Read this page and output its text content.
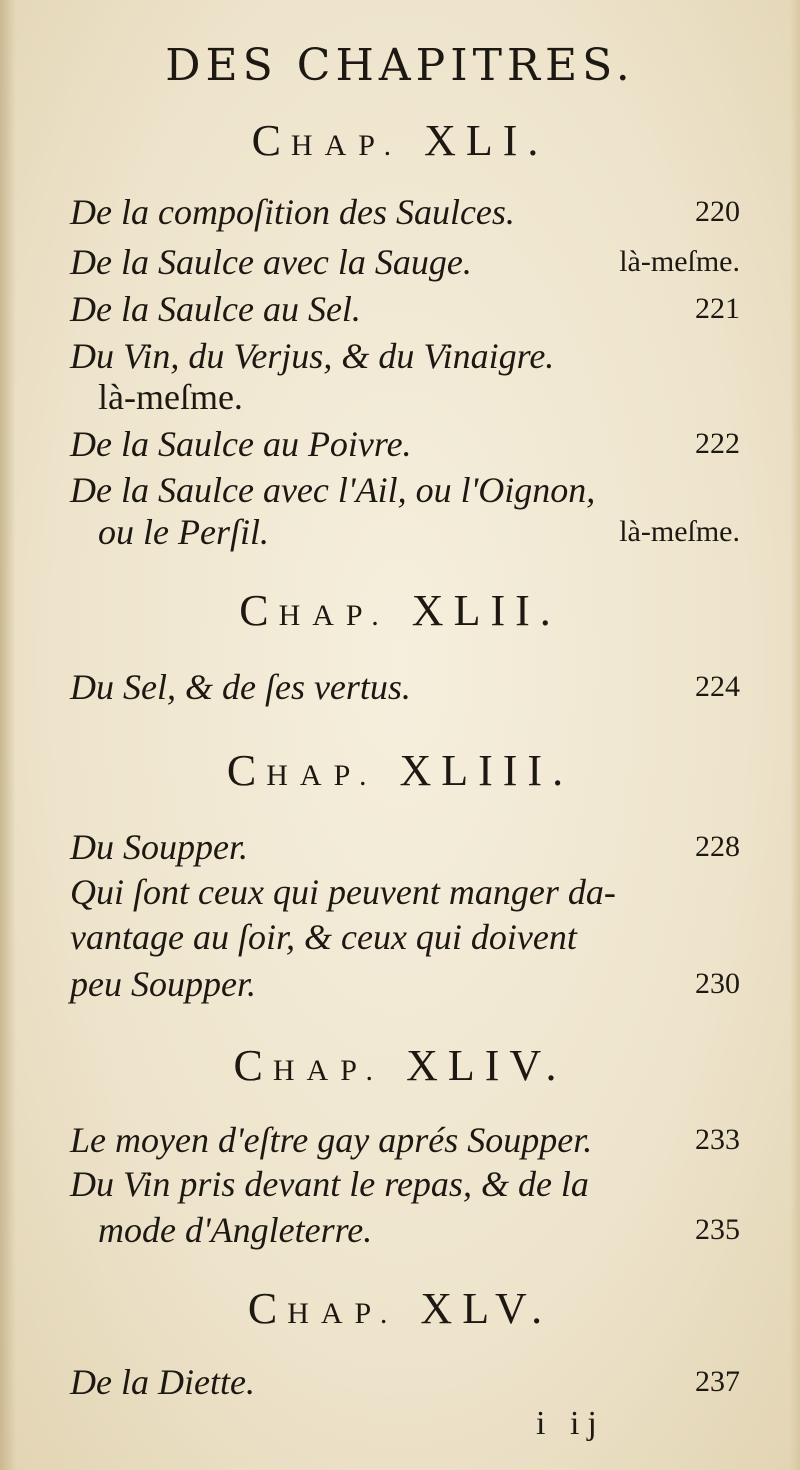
DES CHAPITRES.
CHAP. XLI.
De la compoſition des Saulces.	220
De la Saulce avec la Sauge.	là-meſme.
De la Saulce au Sel.	221
Du Vin, du Verjus, & du Vinaigre.
là-meſme.
De la Saulce au Poivre.	222
De la Saulce avec l'Ail, ou l'Oignon,
ou le Perſil.	là-meſme.
CHAP. XLII.
Du Sel, & de ſes vertus.	224
CHAP. XLIII.
Du Soupper.	228
Qui ſont ceux qui peuvent manger da-
vantage au ſoir, & ceux qui doivent
peu Soupper.	230
CHAP. XLIV.
Le moyen d'eſtre gay aprés Soupper.	233
Du Vin pris devant le repas, & de la
mode d'Angleterre.	235
CHAP. XLV.
De la Diette.	237
i ij
